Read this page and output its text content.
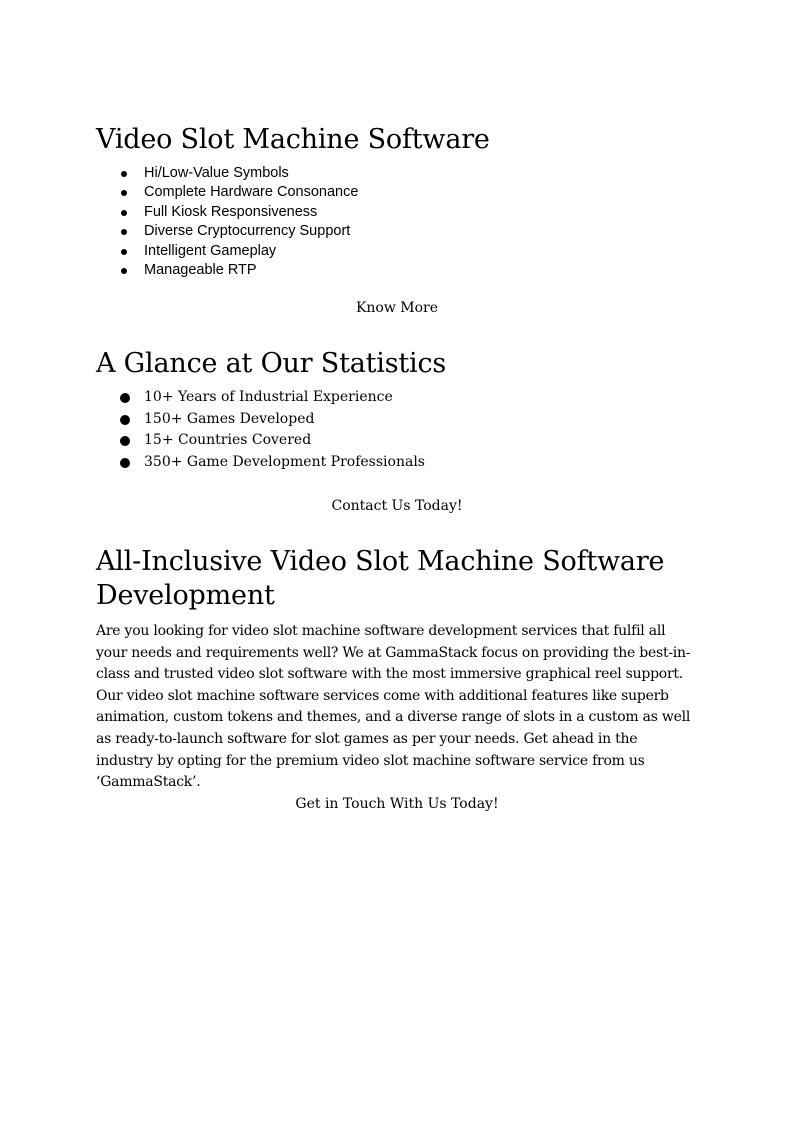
Video Slot Machine Software
Hi/Low-Value Symbols
Complete Hardware Consonance
Full Kiosk Responsiveness
Diverse Cryptocurrency Support
Intelligent Gameplay
Manageable RTP
Know More
A Glance at Our Statistics
10+ Years of Industrial Experience
150+ Games Developed
15+ Countries Covered
350+ Game Development Professionals
Contact Us Today!
All-Inclusive Video Slot Machine Software Development

Are you looking for video slot machine software development services that fulfil all your needs and requirements well? We at GammaStack focus on providing the best-in-class and trusted video slot software with the most immersive graphical reel support. Our video slot machine software services come with additional features like superb animation, custom tokens and themes, and a diverse range of slots in a custom as well as ready-to-launch software for slot games as per your needs. Get ahead in the industry by opting for the premium video slot machine software service from us ‘GammaStack’.

Get in Touch With Us Today!
